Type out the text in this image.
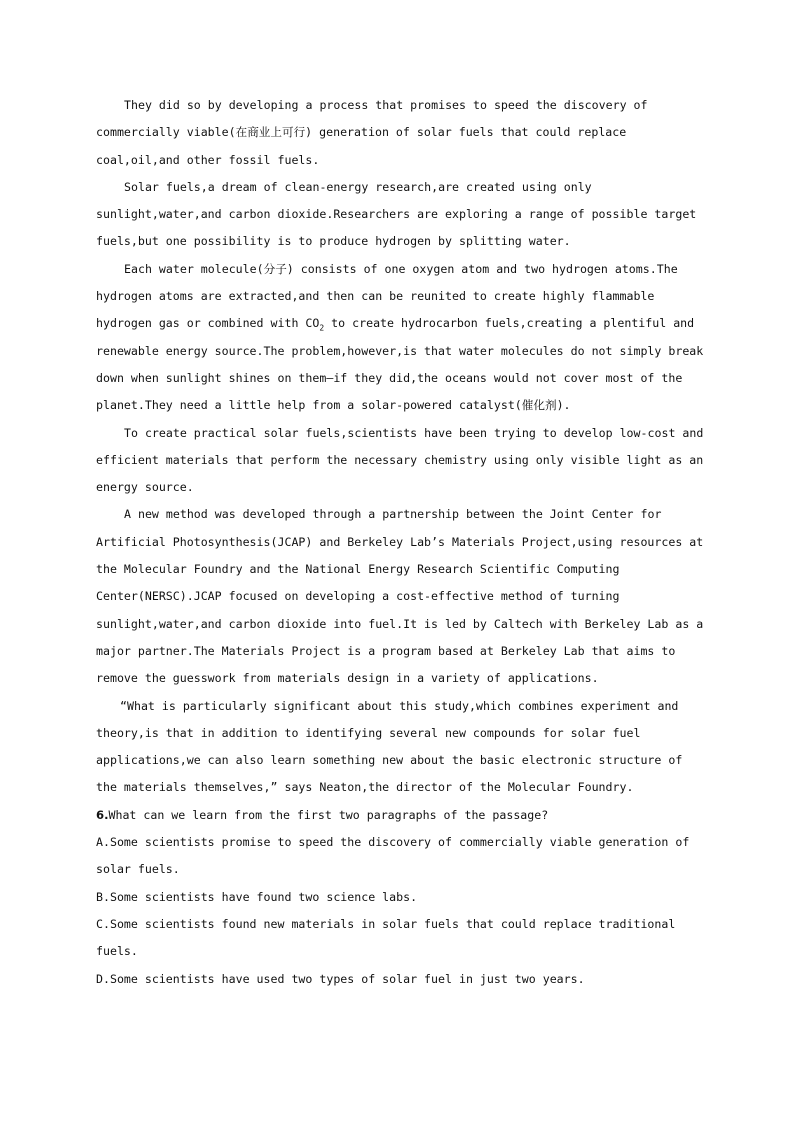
They did so by developing a process that promises to speed the discovery of commercially viable(在商业上可行) generation of solar fuels that could replace coal,oil,and other fossil fuels.

Solar fuels,a dream of clean-energy research,are created using only sunlight,water,and carbon dioxide.Researchers are exploring a range of possible target fuels,but one possibility is to produce hydrogen by splitting water.

Each water molecule(分子) consists of one oxygen atom and two hydrogen atoms.The hydrogen atoms are extracted,and then can be reunited to create highly flammable hydrogen gas or combined with $CO_2$ to create hydrocarbon fuels,creating a plentiful and renewable energy source.The problem,however,is that water molecules do not simply break down when sunlight shines on them—if they did,the oceans would not cover most of the planet.They need a little help from a solar-powered catalyst(催化剂).

To create practical solar fuels,scientists have been trying to develop low-cost and efficient materials that perform the necessary chemistry using only visible light as an energy source.

A new method was developed through a partnership between the Joint Center for Artificial Photosynthesis(JCAP) and Berkeley Lab’s Materials Project,using resources at the Molecular Foundry and the National Energy Research Scientific Computing Center(NERSC).JCAP focused on developing a cost-effective method of turning sunlight,water,and carbon dioxide into fuel.It is led by Caltech with Berkeley Lab as a major partner.The Materials Project is a program based at Berkeley Lab that aims to remove the guesswork from materials design in a variety of applications.

“What is particularly significant about this study,which combines experiment and theory,is that in addition to identifying several new compounds for solar fuel applications,we can also learn something new about the basic electronic structure of the materials themselves,” says Neaton,the director of the Molecular Foundry.

6.What can we learn from the first two paragraphs of the passage?

A.Some scientists promise to speed the discovery of commercially viable generation of solar fuels.

B.Some scientists have found two science labs.

C.Some scientists found new materials in solar fuels that could replace traditional fuels.

D.Some scientists have used two types of solar fuel in just two years.
